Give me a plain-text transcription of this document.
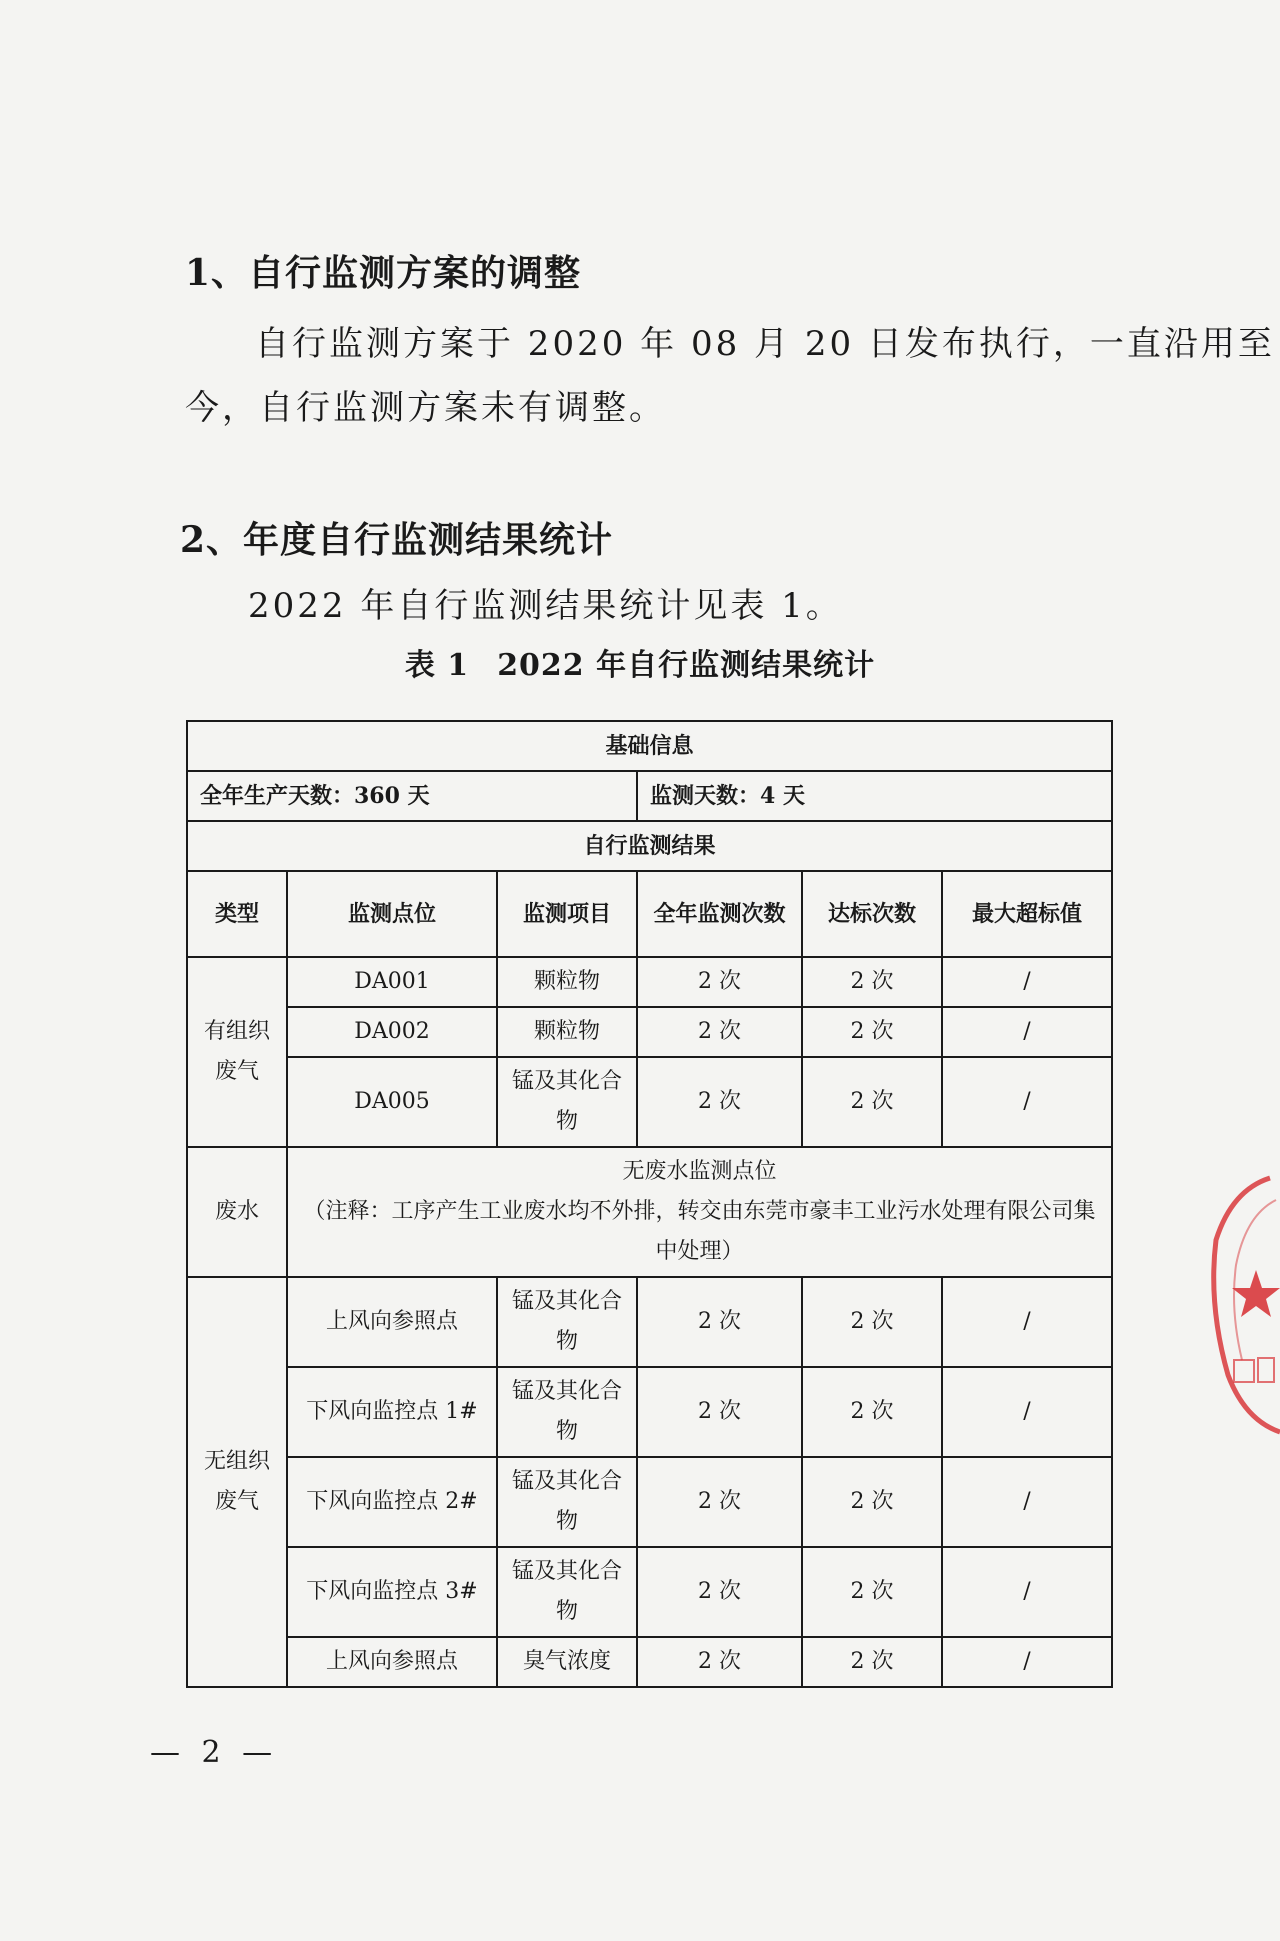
1、自行监测方案的调整
自行监测方案于 2020 年 08 月 20 日发布执行，一直沿用至
今，自行监测方案未有调整。
2、年度自行监测结果统计
2022 年自行监测结果统计见表 1。
表 1 2022 年自行监测结果统计
基础信息					
全年生产天数：360 天			监测天数：4 天		
自行监测结果					
类型	监测点位	监测项目	全年监测次数	达标次数	最大超标值
有组织废气	DA001	颗粒物	2 次	2 次	/
	DA002	颗粒物	2 次	2 次	/
	DA005	锰及其化合物	2 次	2 次	/
废水	无废水监测点位
（注释：工序产生工业废水均不外排，转交由东莞市豪丰工业污水处理有限公司集中处理）				

无组织废气	上风向参照点	锰及其化合物	2 次	2 次	/
	下风向监控点 1#	锰及其化合物	2 次	2 次	/
	下风向监控点 2#	锰及其化合物	2 次	2 次	/
	下风向监控点 3#	锰及其化合物	2 次	2 次	/
	上风向参照点	臭气浓度	2 次	2 次	/
— 2 —
